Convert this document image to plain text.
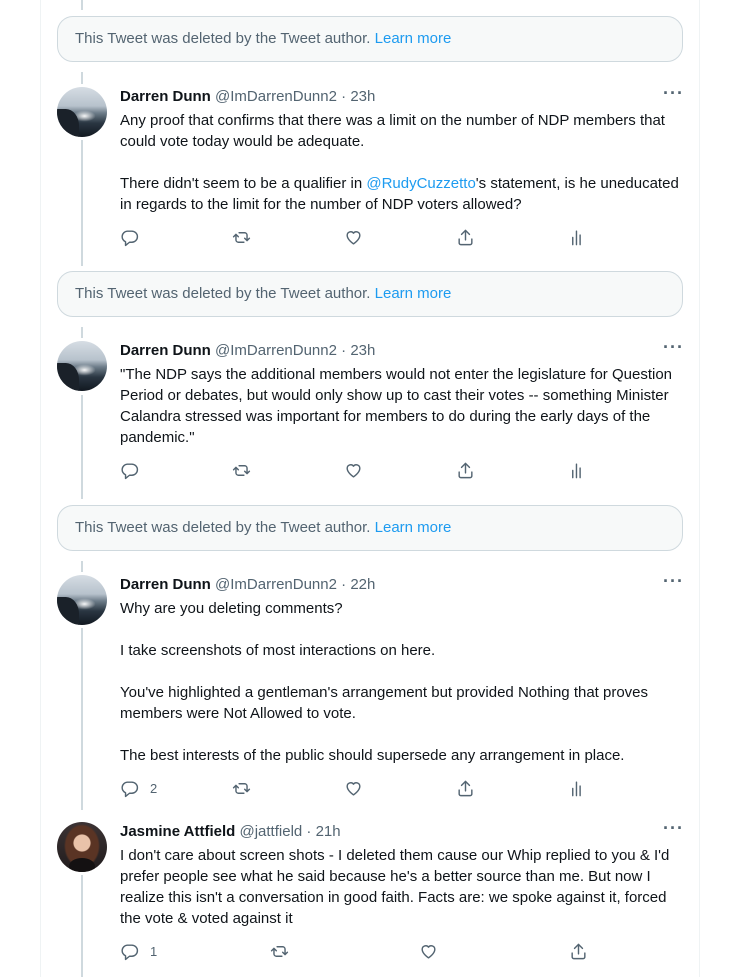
This Tweet was deleted by the Tweet author. Learn more
Darren Dunn @ImDarrenDunn2 · 23h	···

Any proof that confirms that there was a limit on the number of NDP members that could vote today would be adequate.

There didn't seem to be a qualifier in @RudyCuzzetto's statement, is he uneducated in regards to the limit for the number of NDP voters allowed?

This Tweet was deleted by the Tweet author. Learn more
Darren Dunn @ImDarrenDunn2 · 23h	···

"The NDP says the additional members would not enter the legislature for Question Period or debates, but would only show up to cast their votes -- something Minister Calandra stressed was important for members to do during the early days of the pandemic."

This Tweet was deleted by the Tweet author. Learn more
Darren Dunn @ImDarrenDunn2 · 22h	···

Why are you deleting comments?

I take screenshots of most interactions on here.

You've highlighted a gentleman's arrangement but provided Nothing that proves members were Not Allowed to vote.

The best interests of the public should supersede any arrangement in place.

2
Jasmine Attfield @jattfield · 21h	···

I don't care about screen shots - I deleted them cause our Whip replied to you & I'd prefer people see what he said because he's a better source than me. But now I realize this isn't a conversation in good faith. Facts are: we spoke against it, forced the vote & voted against it

1
